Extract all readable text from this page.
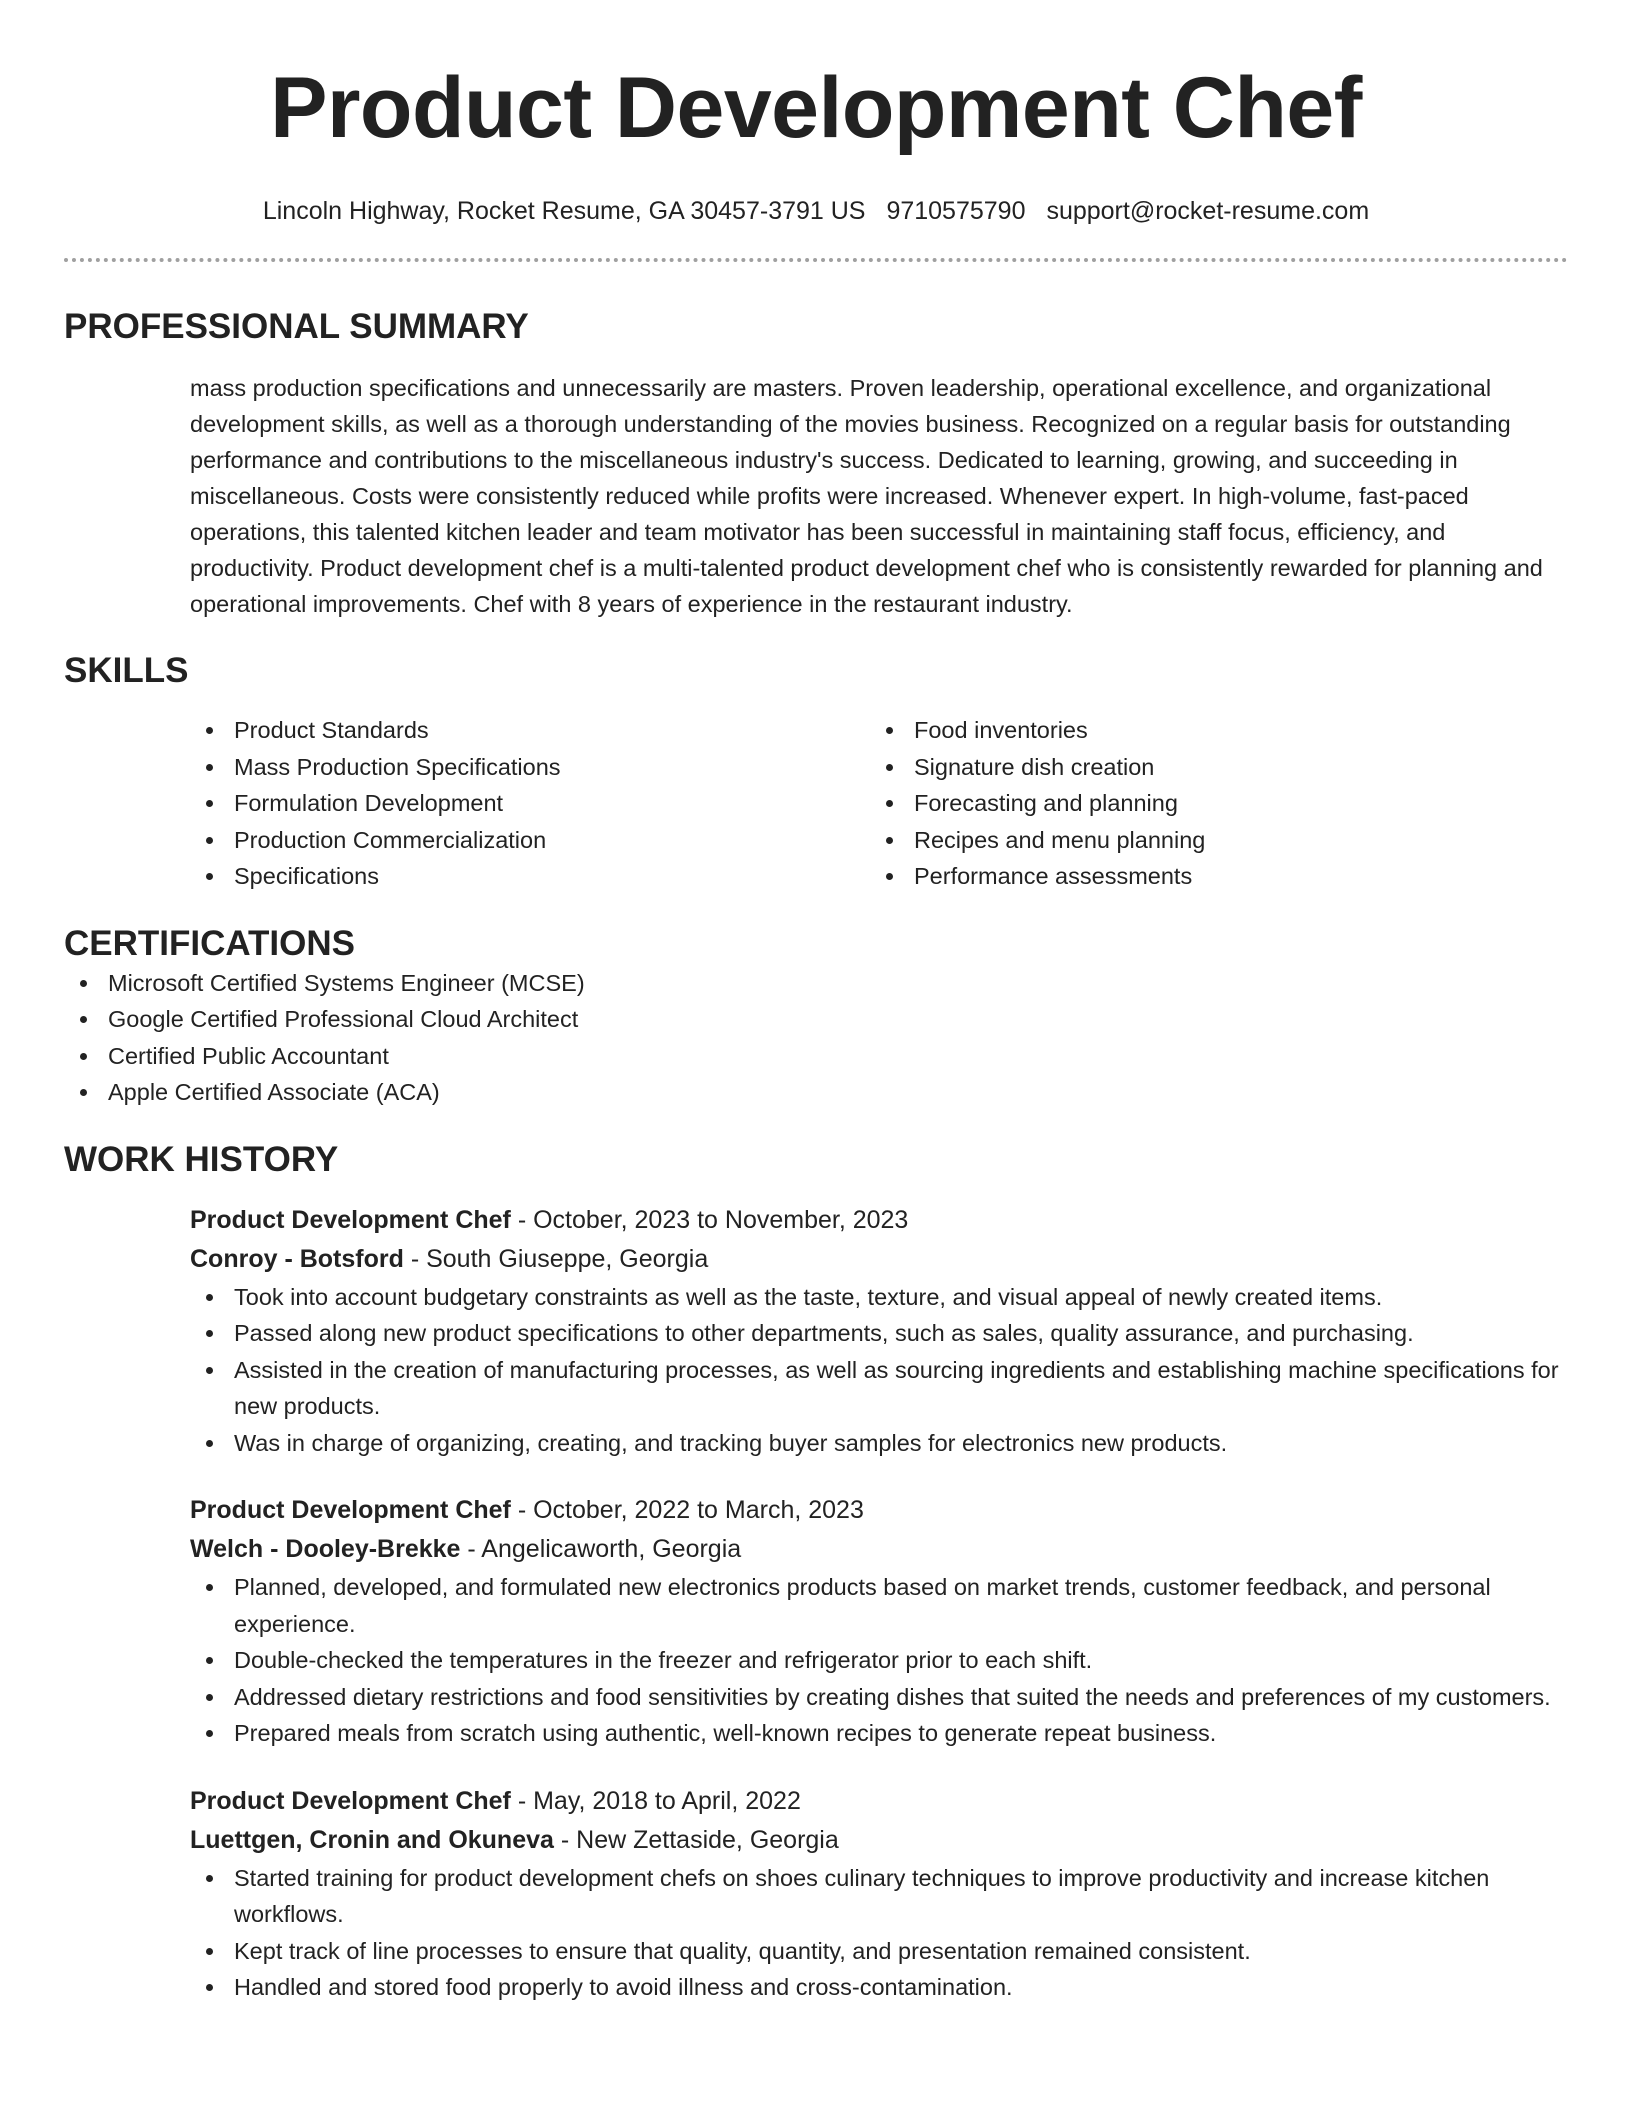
Product Development Chef
Lincoln Highway, Rocket Resume, GA 30457-3791 US 9710575790 support@rocket-resume.com
PROFESSIONAL SUMMARY

mass production specifications and unnecessarily are masters. Proven leadership, operational excellence, and organizational development skills, as well as a thorough understanding of the movies business. Recognized on a regular basis for outstanding performance and contributions to the miscellaneous industry's success. Dedicated to learning, growing, and succeeding in miscellaneous. Costs were consistently reduced while profits were increased. Whenever expert. In high-volume, fast-paced operations, this talented kitchen leader and team motivator has been successful in maintaining staff focus, efficiency, and productivity. Product development chef is a multi-talented product development chef who is consistently rewarded for planning and operational improvements. Chef with 8 years of experience in the restaurant industry.

SKILLS
Product Standards
Mass Production Specifications
Formulation Development
Production Commercialization
Specifications
Food inventories
Signature dish creation
Forecasting and planning
Recipes and menu planning
Performance assessments
CERTIFICATIONS
Microsoft Certified Systems Engineer (MCSE)
Google Certified Professional Cloud Architect
Certified Public Accountant
Apple Certified Associate (ACA)
WORK HISTORY
Product Development Chef - October, 2023 to November, 2023
Conroy - Botsford - South Giuseppe, Georgia
Took into account budgetary constraints as well as the taste, texture, and visual appeal of newly created items.
Passed along new product specifications to other departments, such as sales, quality assurance, and purchasing.
Assisted in the creation of manufacturing processes, as well as sourcing ingredients and establishing machine specifications for new products.
Was in charge of organizing, creating, and tracking buyer samples for electronics new products.
Product Development Chef - October, 2022 to March, 2023
Welch - Dooley-Brekke - Angelicaworth, Georgia
Planned, developed, and formulated new electronics products based on market trends, customer feedback, and personal experience.
Double-checked the temperatures in the freezer and refrigerator prior to each shift.
Addressed dietary restrictions and food sensitivities by creating dishes that suited the needs and preferences of my customers.
Prepared meals from scratch using authentic, well-known recipes to generate repeat business.
Product Development Chef - May, 2018 to April, 2022
Luettgen, Cronin and Okuneva - New Zettaside, Georgia
Started training for product development chefs on shoes culinary techniques to improve productivity and increase kitchen workflows.
Kept track of line processes to ensure that quality, quantity, and presentation remained consistent.
Handled and stored food properly to avoid illness and cross-contamination.
